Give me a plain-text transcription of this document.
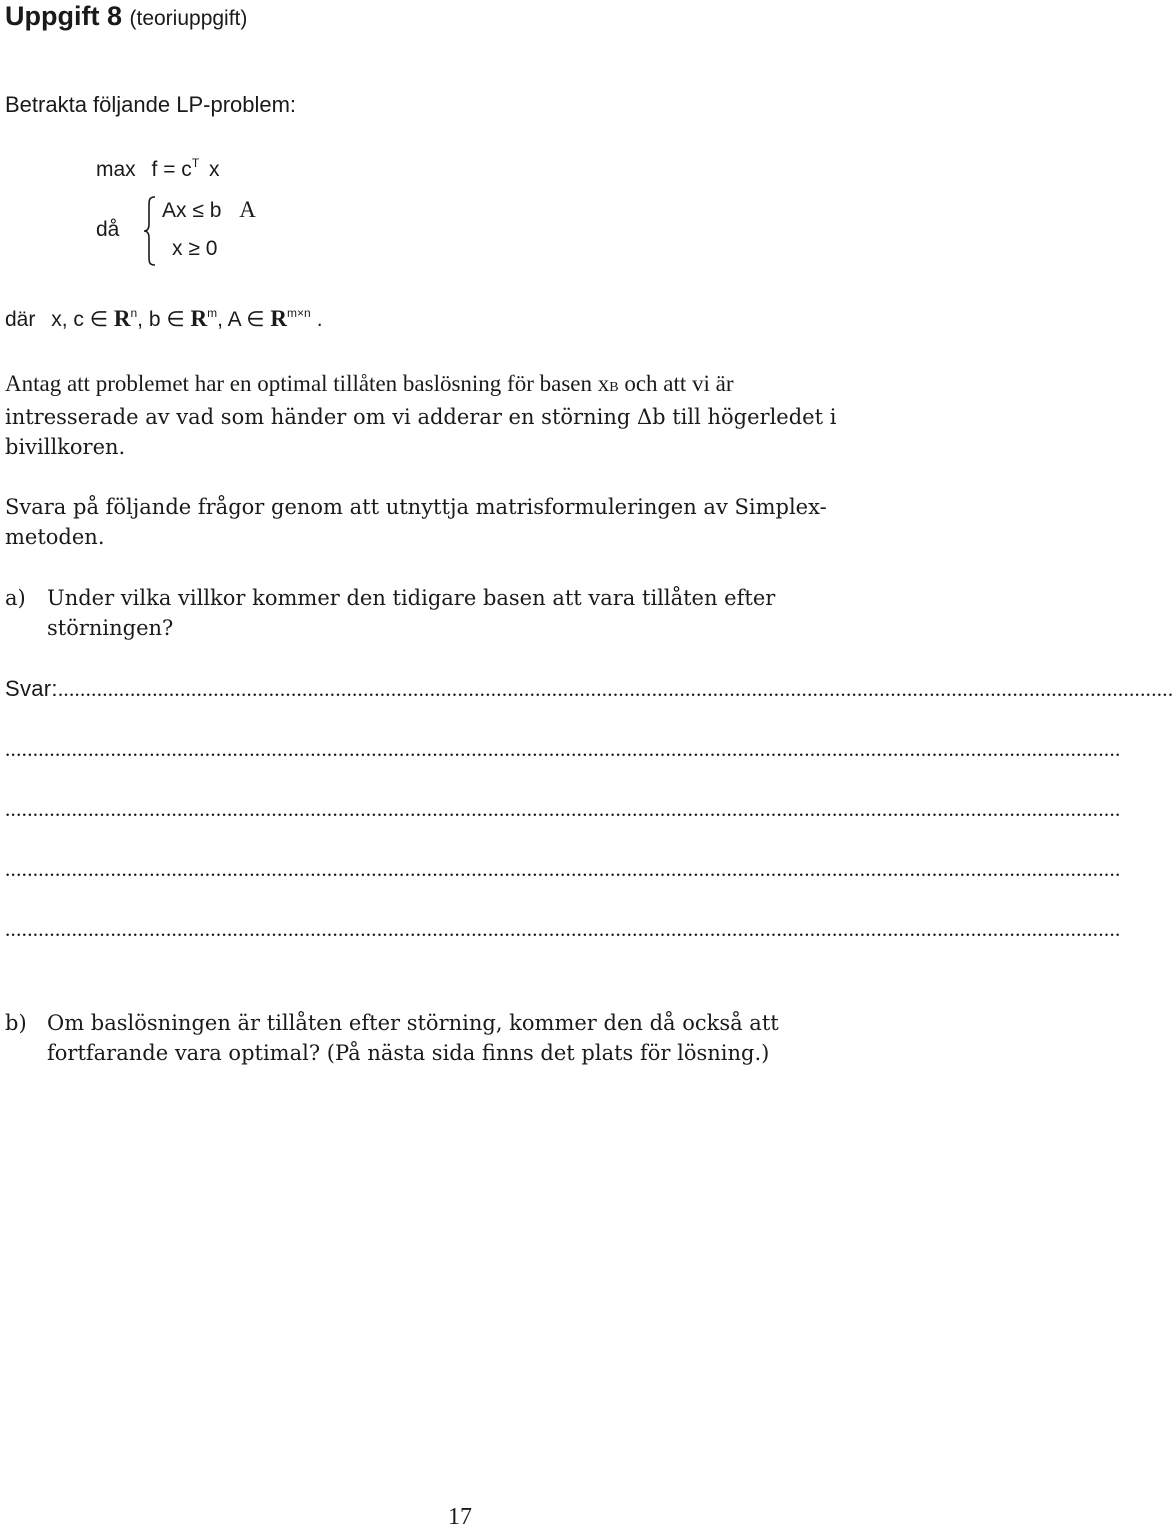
Uppgift 8 (teoriuppgift)
Betrakta följande LP-problem:
$\max f = c^T$ x
då
Ax ≤ b A
x ≥ 0
där x, c ∈ $R^n$, b ∈ $R^m$, A ∈ $R^{m\times n}$ .
Antag att problemet har en optimal tillåten baslösning för basen xB och att vi är
intresserade av vad som händer om vi adderar en störning Δb till högerledet i
bivillkoren.
Svara på följande frågor genom att utnyttja matrisformuleringen av Simplex-
metoden.
a) Under vilka villkor kommer den tidigare basen att vara tillåten efter
störningen?
Svar:.........................................................................................................................................................................................................
.........................................................................................................................................................................................................
.........................................................................................................................................................................................................
.........................................................................................................................................................................................................
.........................................................................................................................................................................................................
b) Om baslösningen är tillåten efter störning, kommer den då också att
fortfarande vara optimal? (På nästa sida finns det plats för lösning.)
17
